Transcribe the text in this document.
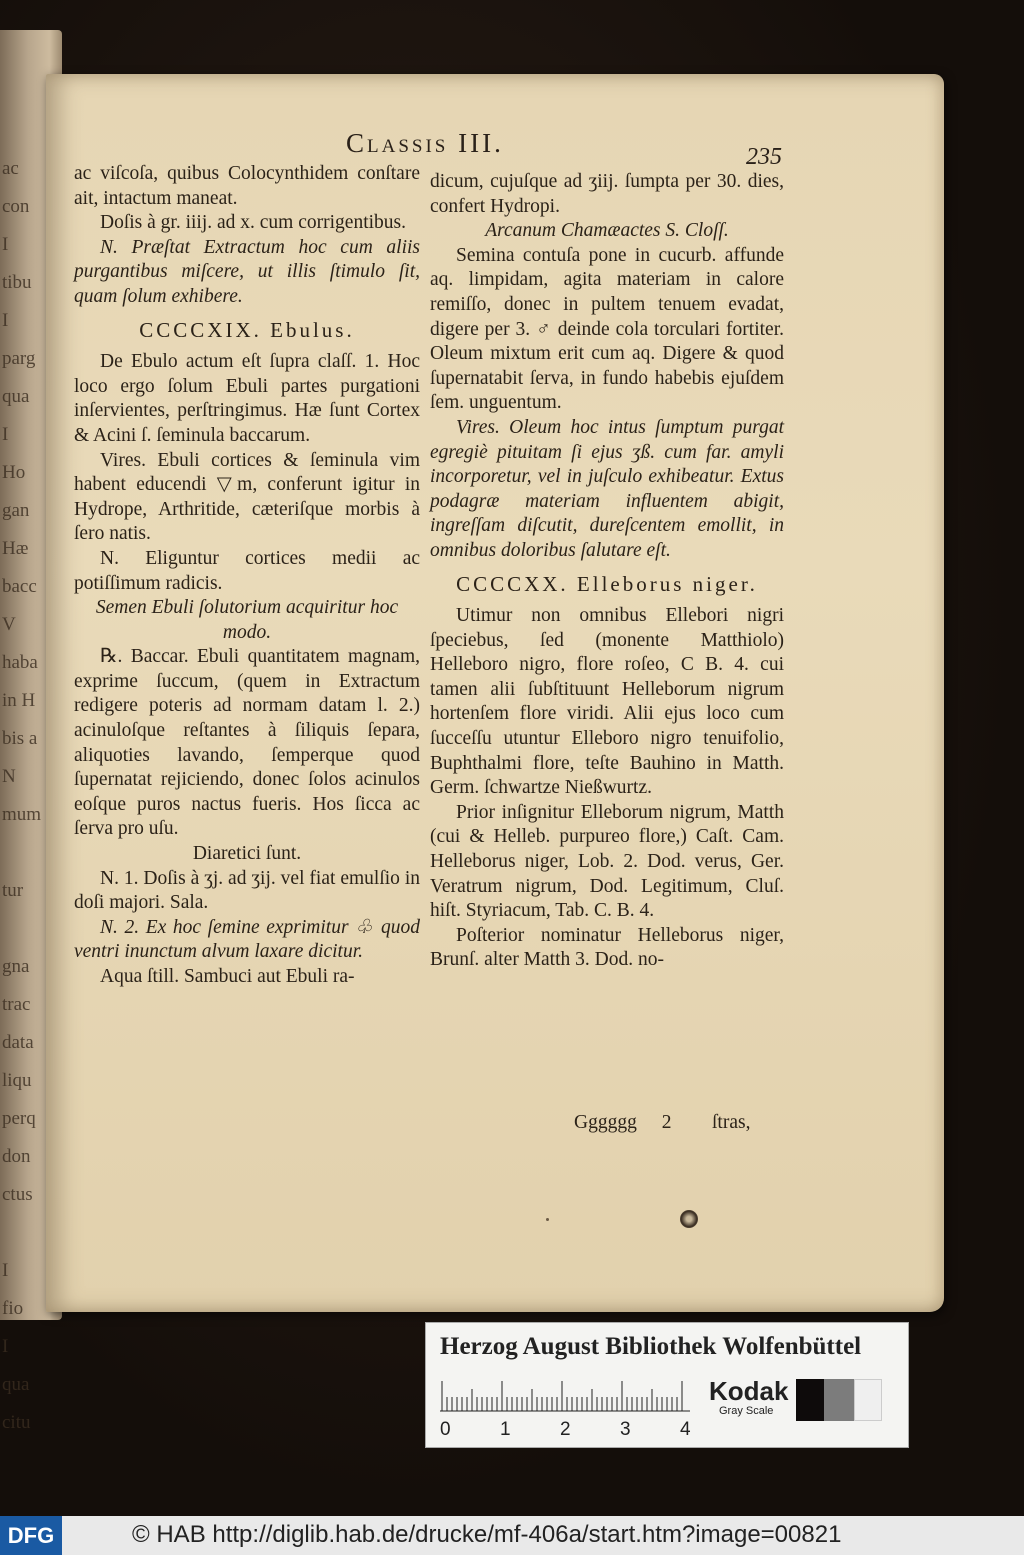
ac
con
I
tibu
I
parg
qua
I
Ho
gan
Hæ
bacc
V
haba
in H
bis a
N
mum
tur
gna
trac
data
liqu
perq
don
ctus
I
fio
I
qua
citu
Classis III.	235

ac viſcoſa, quibus Colocynthidem conſtare ait, intactum maneat.

Doſis à gr. iiij. ad x. cum corrigentibus.

N. Præſtat Extractum hoc cum aliis purgantibus miſcere, ut illis ſtimulo ſit, quam ſolum exhibere.

CCCCXIX. Ebulus.

De Ebulo actum eſt ſupra claſſ. 1. Hoc loco ergo ſolum Ebuli partes purgationi inſervientes, perſtringimus. Hæ ſunt Cortex & Acini ſ. ſeminula baccarum.

Vires. Ebuli cortices & ſeminula vim habent educendi ▽m, conferunt igitur in Hydrope, Arthritide, cæteriſque morbis à ſero natis.

N. Eliguntur cortices medii ac potiſſimum radicis.

Semen Ebuli ſolutorium acquiritur hoc modo.

℞. Baccar. Ebuli quantitatem magnam, exprime ſuccum, (quem in Extractum redigere poteris ad normam datam l. 2.) acinuloſque reſtantes à ſiliquis ſepara, aliquoties lavando, ſemperque quod ſupernatat rejiciendo, donec ſolos acinulos eoſque puros nactus fueris. Hos ſicca ac ſerva pro uſu.

Diaretici ſunt.

N. 1. Doſis à ʒj. ad ʒij. vel fiat emulſio in doſi majori. Sala.

N. 2. Ex hoc ſemine exprimitur ♧ quod ventri inunctum alvum laxare dicitur.

Aqua ſtill. Sambuci aut Ebuli ra-

dicum, cujuſque ad ʒiij. ſumpta per 30. dies, confert Hydropi.

Arcanum Chamæactes S. Cloſſ.

Semina contuſa pone in cucurb. affunde aq. limpidam, agita materiam in calore remiſſo, donec in pultem tenuem evadat, digere per 3. ♂ deinde cola torculari fortiter. Oleum mixtum erit cum aq. Digere & quod ſupernatabit ſerva, in fundo habebis ejuſdem ſem. unguentum.

Vires. Oleum hoc intus ſumptum purgat egregiè pituitam ſi ejus ʒß. cum far. amyli incorporetur, vel in juſculo exhibeatur. Extus podagræ materiam influentem abigit, ingreſſam diſcutit, dureſcentem emollit, in omnibus doloribus ſalutare eſt.

CCCCXX. Elleborus niger.

Utimur non omnibus Ellebori nigri ſpeciebus, ſed (monente Matthiolo) Helleboro nigro, flore roſeo, C B. 4. cui tamen alii ſubſtituunt Helleborum nigrum hortenſem flore viridi. Alii ejus loco cum ſucceſſu utuntur Elleboro nigro tenuifolio, Buphthalmi flore, teſte Bauhino in Matth. Germ. ſchwartze Nießwurtz.

Prior inſignitur Elleborum nigrum, Matth (cui & Helleb. purpureo flore,) Caſt. Cam. Helleborus niger, Lob. 2. Dod. verus, Ger. Veratrum nigrum, Dod. Legitimum, Cluſ. hiſt. Styriacum, Tab. C. B. 4.

Poſterior nominatur Helleborus niger, Brunſ. alter Matth 3. Dod. no-

Gggggg 2 ſtras,
Herzog August Bibliothek Wolfenbüttel
0	1	2	3	4
Kodak
Gray Scale
DFG	© HAB http://diglib.hab.de/drucke/mf-406a/start.htm?image=00821
